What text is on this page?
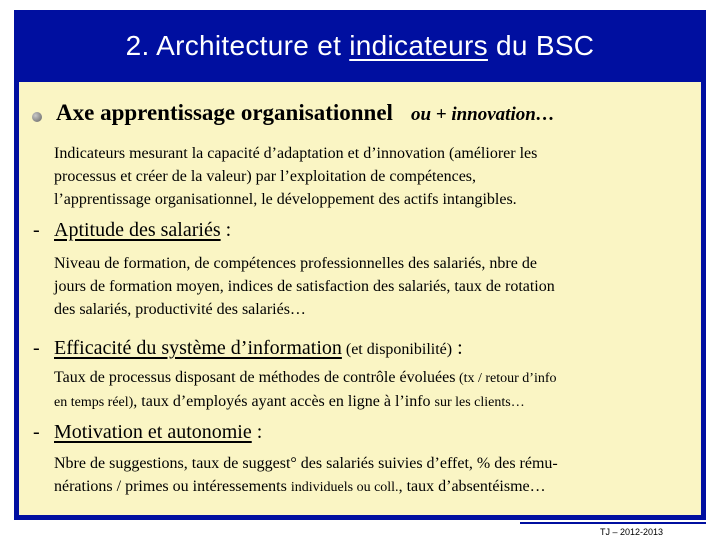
2. Architecture et indicateurs du BSC
Axe apprentissage organisationnel ou + innovation…
Indicateurs mesurant la capacité d’adaptation et d’innovation (améliorer les
processus et créer de la valeur) par l’exploitation de compétences,
l’apprentissage organisationnel, le développement des actifs intangibles.
- Aptitude des salariés :
Niveau de formation, de compétences professionnelles des salariés, nbre de
jours de formation moyen, indices de satisfaction des salariés, taux de rotation
des salariés, productivité des salariés…
- Efficacité du système d’information (et disponibilité) :
Taux de processus disposant de méthodes de contrôle évoluées (tx / retour d’info
en temps réel), taux d’employés ayant accès en ligne à l’info sur les clients…
- Motivation et autonomie :
Nbre de suggestions, taux de suggest° des salariés suivies d’effet, % des rému-
nérations / primes ou intéressements individuels ou coll., taux d’absentéisme…
TJ – 2012-2013
